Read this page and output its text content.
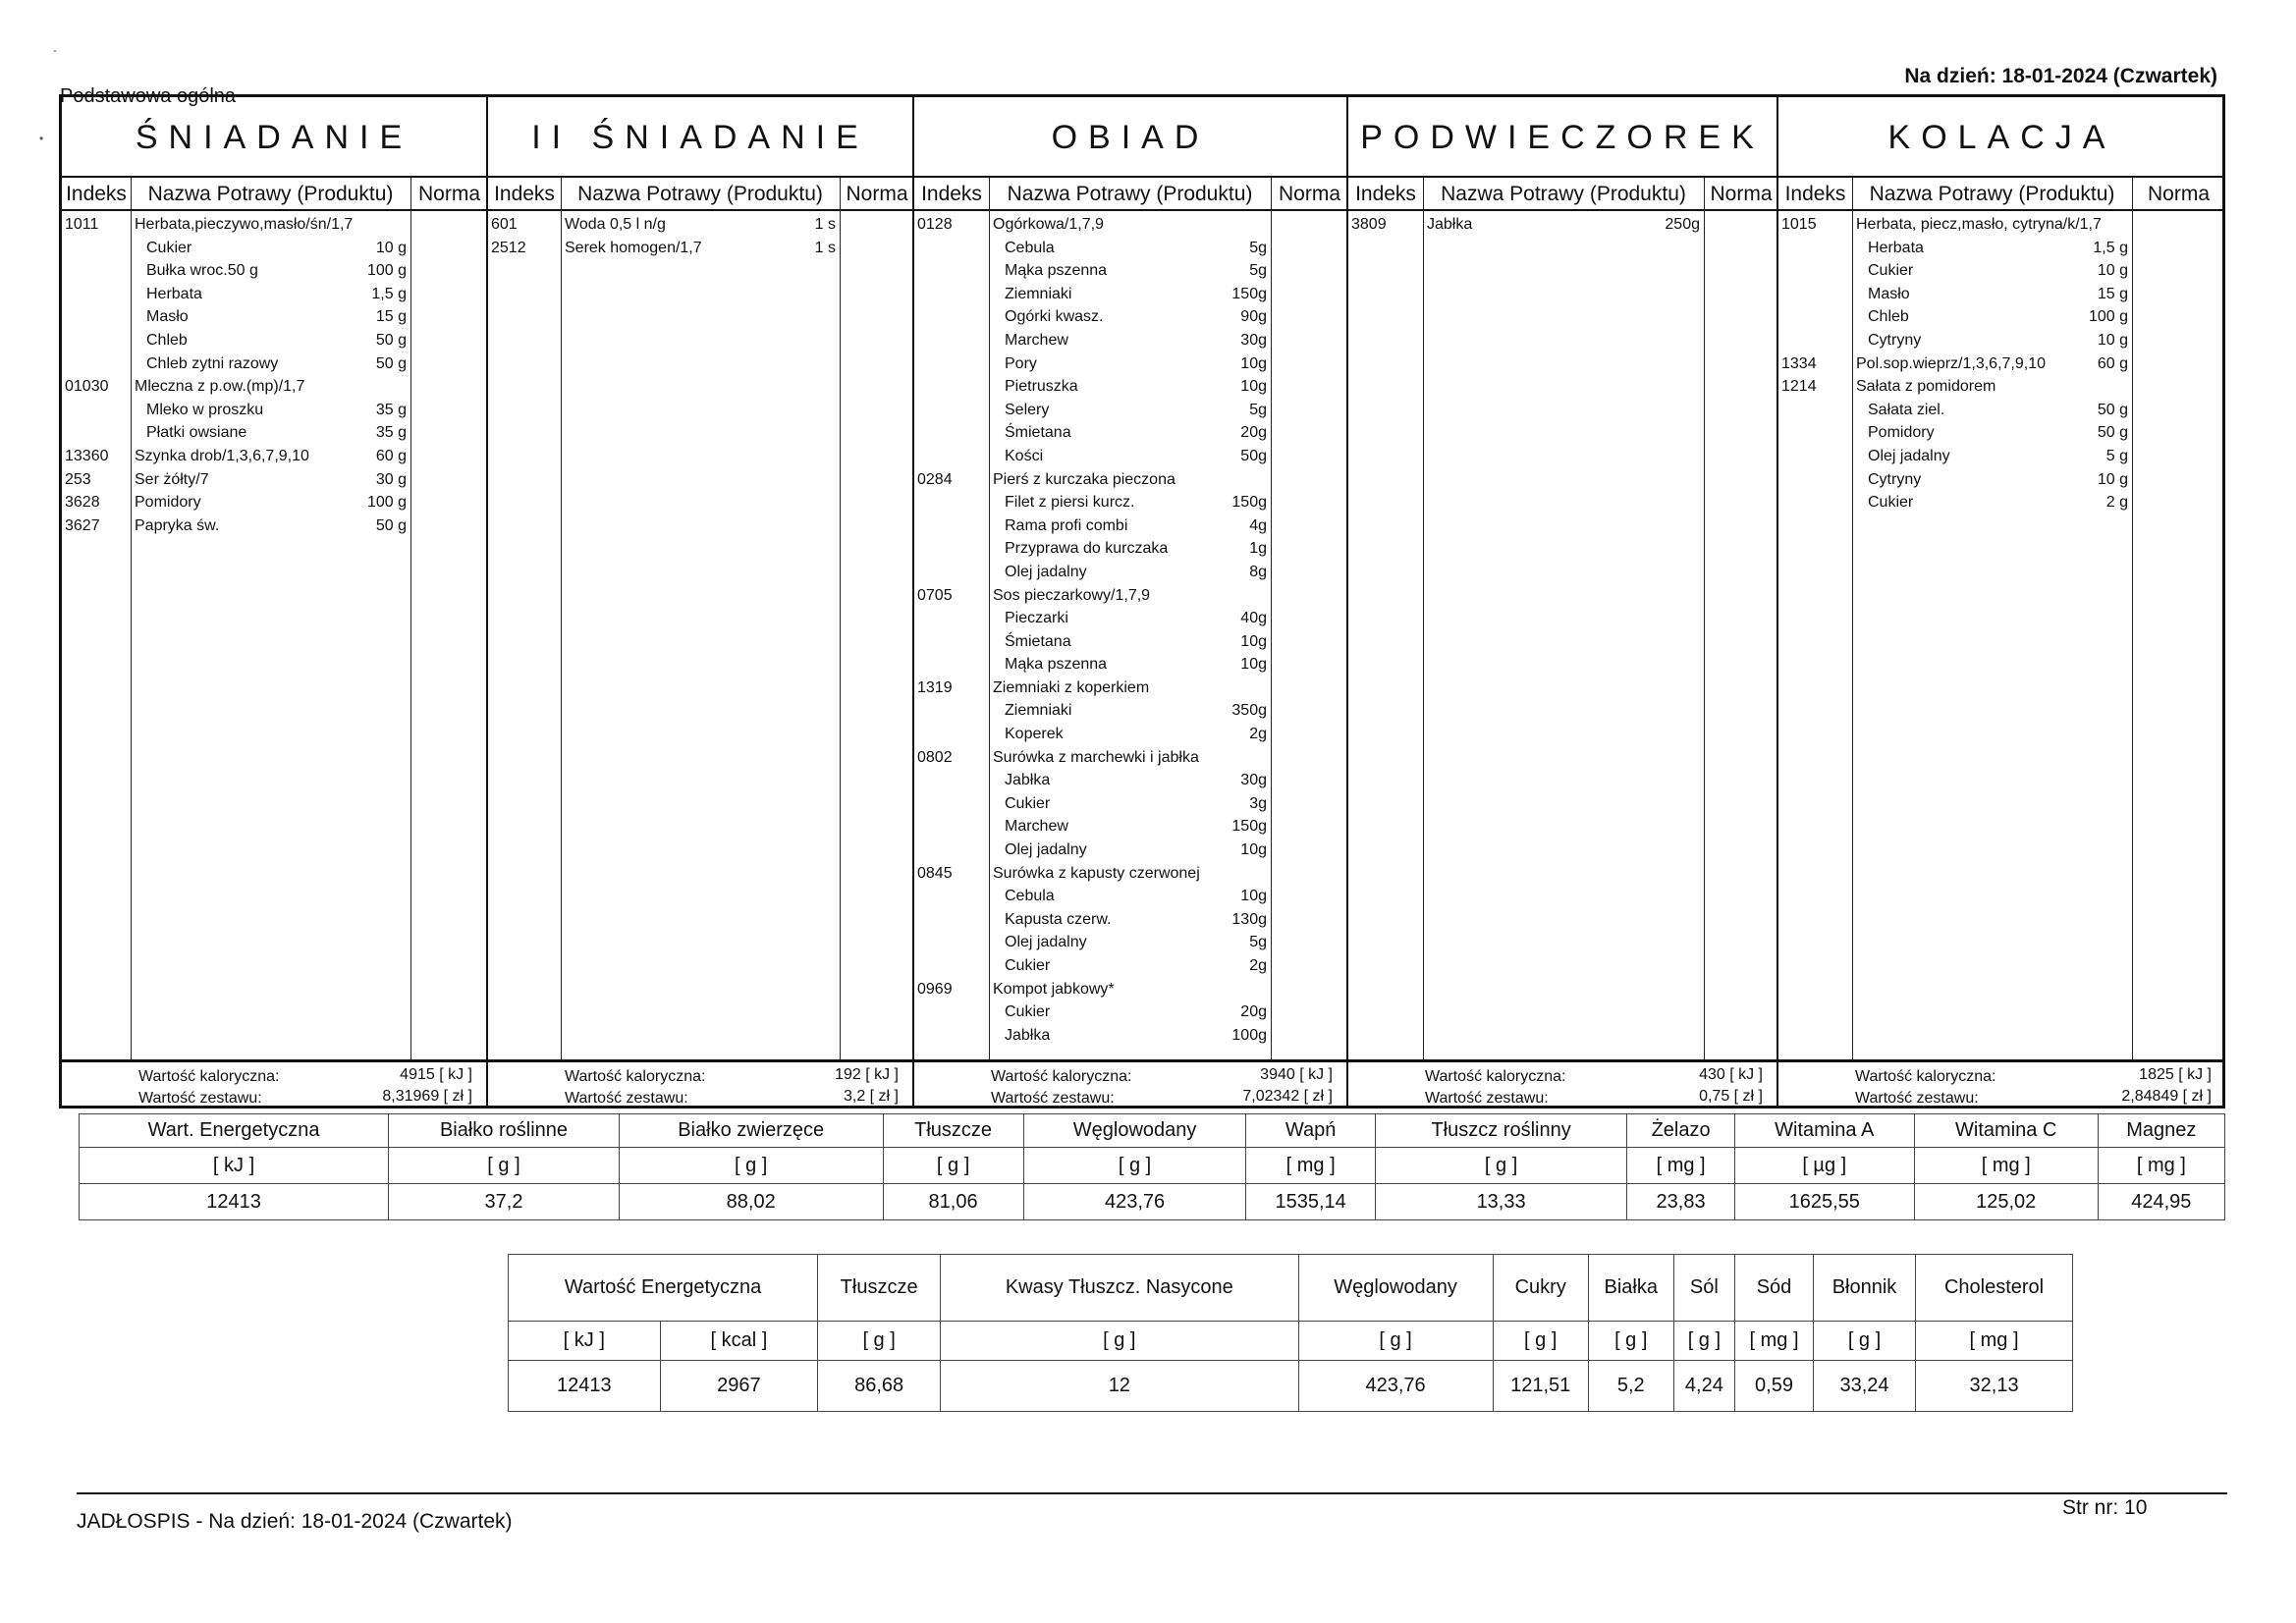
-
•
Podstawowa ogólna
Na dzień: 18-01-2024 (Czwartek)
ŚNIADANIE
Indeks	Nazwa Potrawy (Produktu)	Norma
1011 Herbata,pieczywo,masło/śn/1,7
Cukier	10 g
Bułka wroc.50 g	100 g
Herbata	1,5 g
Masło	15 g
Chleb	50 g
Chleb zytni razowy	50 g
01030 Mleczna z p.ow.(mp)/1,7
Mleko w proszku	35 g
Płatki owsiane	35 g
13360 Szynka drob/1,3,6,7,9,10	60 g
253	Ser żółty/7	30 g
3628 Pomidory	100 g
3627 Papryka św.	50 g
Wartość kaloryczna:	4915 [ kJ ]
Wartość zestawu:	8,31969 [ zł ]
II ŚNIADANIE
Indeks	Nazwa Potrawy (Produktu)	Norma
601	Woda 0,5 l n/g	1 s
2512 Serek homogen/1,7	1 s
Wartość kaloryczna:	192 [ kJ ]
Wartość zestawu:	3,2 [ zł ]
OBIAD
Indeks	Nazwa Potrawy (Produktu)	Norma
0128	Ogórkowa/1,7,9
Cebula	5g
Mąka pszenna	5g
Ziemniaki	150g
Ogórki kwasz.	90g
Marchew	30g
Pory	10g
Pietruszka	10g
Selery	5g
Śmietana	20g
Kości	50g
0284	Pierś z kurczaka pieczona
Filet z piersi kurcz.	150g
Rama profi combi	4g
Przyprawa do kurczaka	1g
Olej jadalny	8g
0705	Sos pieczarkowy/1,7,9
Pieczarki	40g
Śmietana	10g
Mąka pszenna	10g
1319	Ziemniaki z koperkiem
Ziemniaki	350g
Koperek	2g
0802	Surówka z marchewki i jabłka
Jabłka	30g
Cukier	3g
Marchew	150g
Olej jadalny	10g
0845	Surówka z kapusty czerwonej
Cebula	10g
Kapusta czerw.	130g
Olej jadalny	5g
Cukier	2g
0969	Kompot jabkowy*
Cukier	20g
Jabłka	100g
Wartość kaloryczna:	3940 [ kJ ]
Wartość zestawu:	7,02342 [ zł ]
PODWIECZOREK
Indeks	Nazwa Potrawy (Produktu)	Norma
3809	Jabłka	250g
Wartość kaloryczna:	430 [ kJ ]
Wartość zestawu:	0,75 [ zł ]
KOLACJA
Indeks	Nazwa Potrawy (Produktu)	Norma
1015	Herbata, piecz,masło, cytryna/k/1,7
Herbata	1,5 g
Cukier	10 g
Masło	15 g
Chleb	100 g
Cytryny	10 g
1334	Pol.sop.wieprz/1,3,6,7,9,10	60 g
1214	Sałata z pomidorem
Sałata ziel.	50 g
Pomidory	50 g
Olej jadalny	5 g
Cytryny	10 g
Cukier	2 g
Wartość kaloryczna:	1825 [ kJ ]
Wartość zestawu:	2,84849 [ zł ]
Wart. Energetyczna	Białko roślinne	Białko zwierzęce	Tłuszcze	Węglowodany	Wapń	Tłuszcz roślinny	Żelazo	Witamina A	Witamina C	Magnez
[ kJ ]	[ g ]	[ g ]	[ g ]	[ g ]	[ mg ]	[ g ]	[ mg ]	[ µg ]	[ mg ]	[ mg ]
12413	37,2	88,02	81,06	423,76	1535,14	13,33	23,83	1625,55	125,02	424,95
Wartość Energetyczna		Tłuszcze	Kwasy Tłuszcz. Nasycone	Węglowodany	Cukry	Białka	Sól	Sód	Błonnik	Cholesterol
[ kJ ]	[ kcal ]	[ g ]	[ g ]	[ g ]	[ g ]	[ g ]	[ g ]	[ mg ]	[ g ]	[ mg ]
12413	2967	86,68	12	423,76	121,51	5,2	4,24	0,59	33,24	32,13
JADŁOSPIS - Na dzień: 18-01-2024 (Czwartek)
Str nr: 10
